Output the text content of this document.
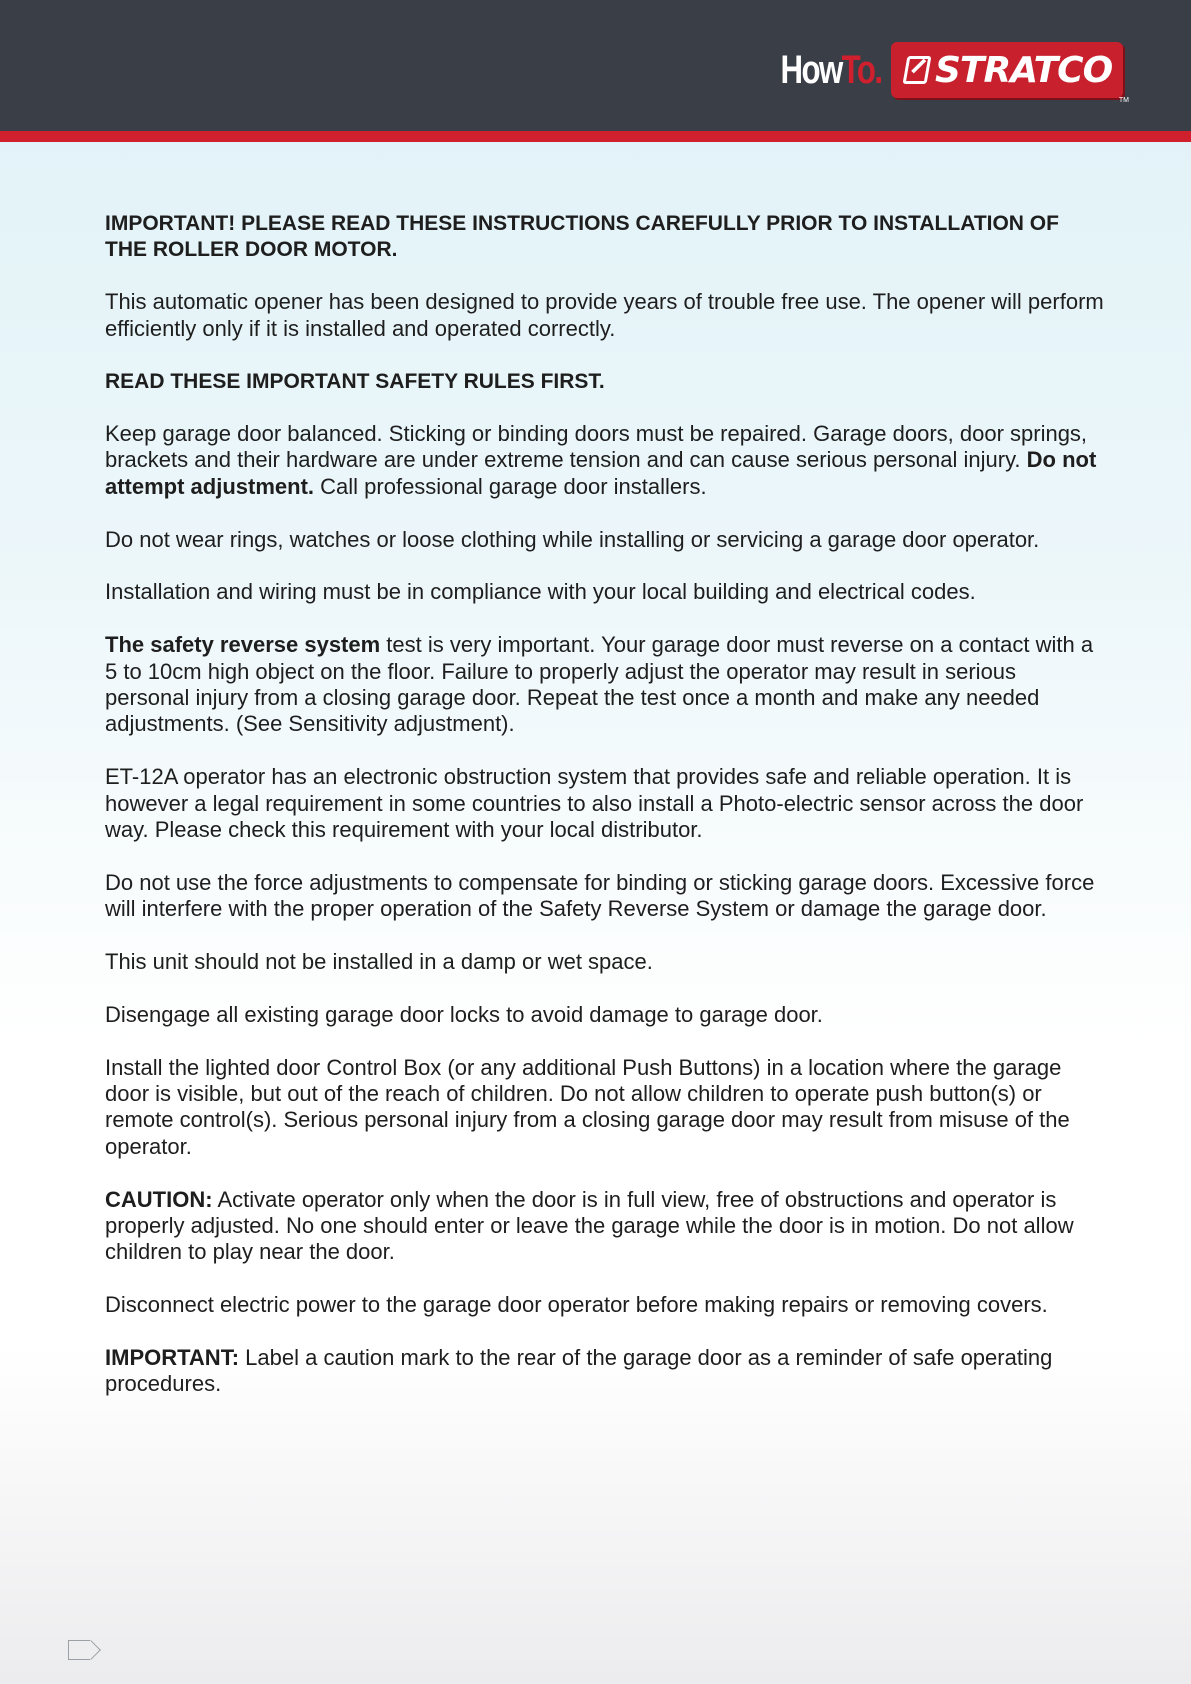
HowTo. STRATCO
TM

IMPORTANT! PLEASE READ THESE INSTRUCTIONS CAREFULLY PRIOR TO INSTALLATION OF THE ROLLER DOOR MOTOR.

This automatic opener has been designed to provide years of trouble free use. The opener will perform efficiently only if it is installed and operated correctly.

READ THESE IMPORTANT SAFETY RULES FIRST.

Keep garage door balanced. Sticking or binding doors must be repaired. Garage doors, door springs, brackets and their hardware are under extreme tension and can cause serious personal injury. Do not attempt adjustment. Call professional garage door installers.

Do not wear rings, watches or loose clothing while installing or servicing a garage door operator.

Installation and wiring must be in compliance with your local building and electrical codes.

The safety reverse system test is very important. Your garage door must reverse on a contact with a
5 to 10cm high object on the floor. Failure to properly adjust the operator may result in serious personal injury from a closing garage door. Repeat the test once a month and make any needed adjustments. (See Sensitivity adjustment).

ET-12A operator has an electronic obstruction system that provides safe and reliable operation. It is however a legal requirement in some countries to also install a Photo-electric sensor across the door way. Please check this requirement with your local distributor.

Do not use the force adjustments to compensate for binding or sticking garage doors. Excessive force will interfere with the proper operation of the Safety Reverse System or damage the garage door.

This unit should not be installed in a damp or wet space.

Disengage all existing garage door locks to avoid damage to garage door.

Install the lighted door Control Box (or any additional Push Buttons) in a location where the garage door is visible, but out of the reach of children. Do not allow children to operate push button(s) or remote control(s). Serious personal injury from a closing garage door may result from misuse of the operator.

CAUTION: Activate operator only when the door is in full view, free of obstructions and operator is properly adjusted. No one should enter or leave the garage while the door is in motion. Do not allow children to play near the door.

Disconnect electric power to the garage door operator before making repairs or removing covers.

IMPORTANT: Label a caution mark to the rear of the garage door as a reminder of safe operating procedures.
